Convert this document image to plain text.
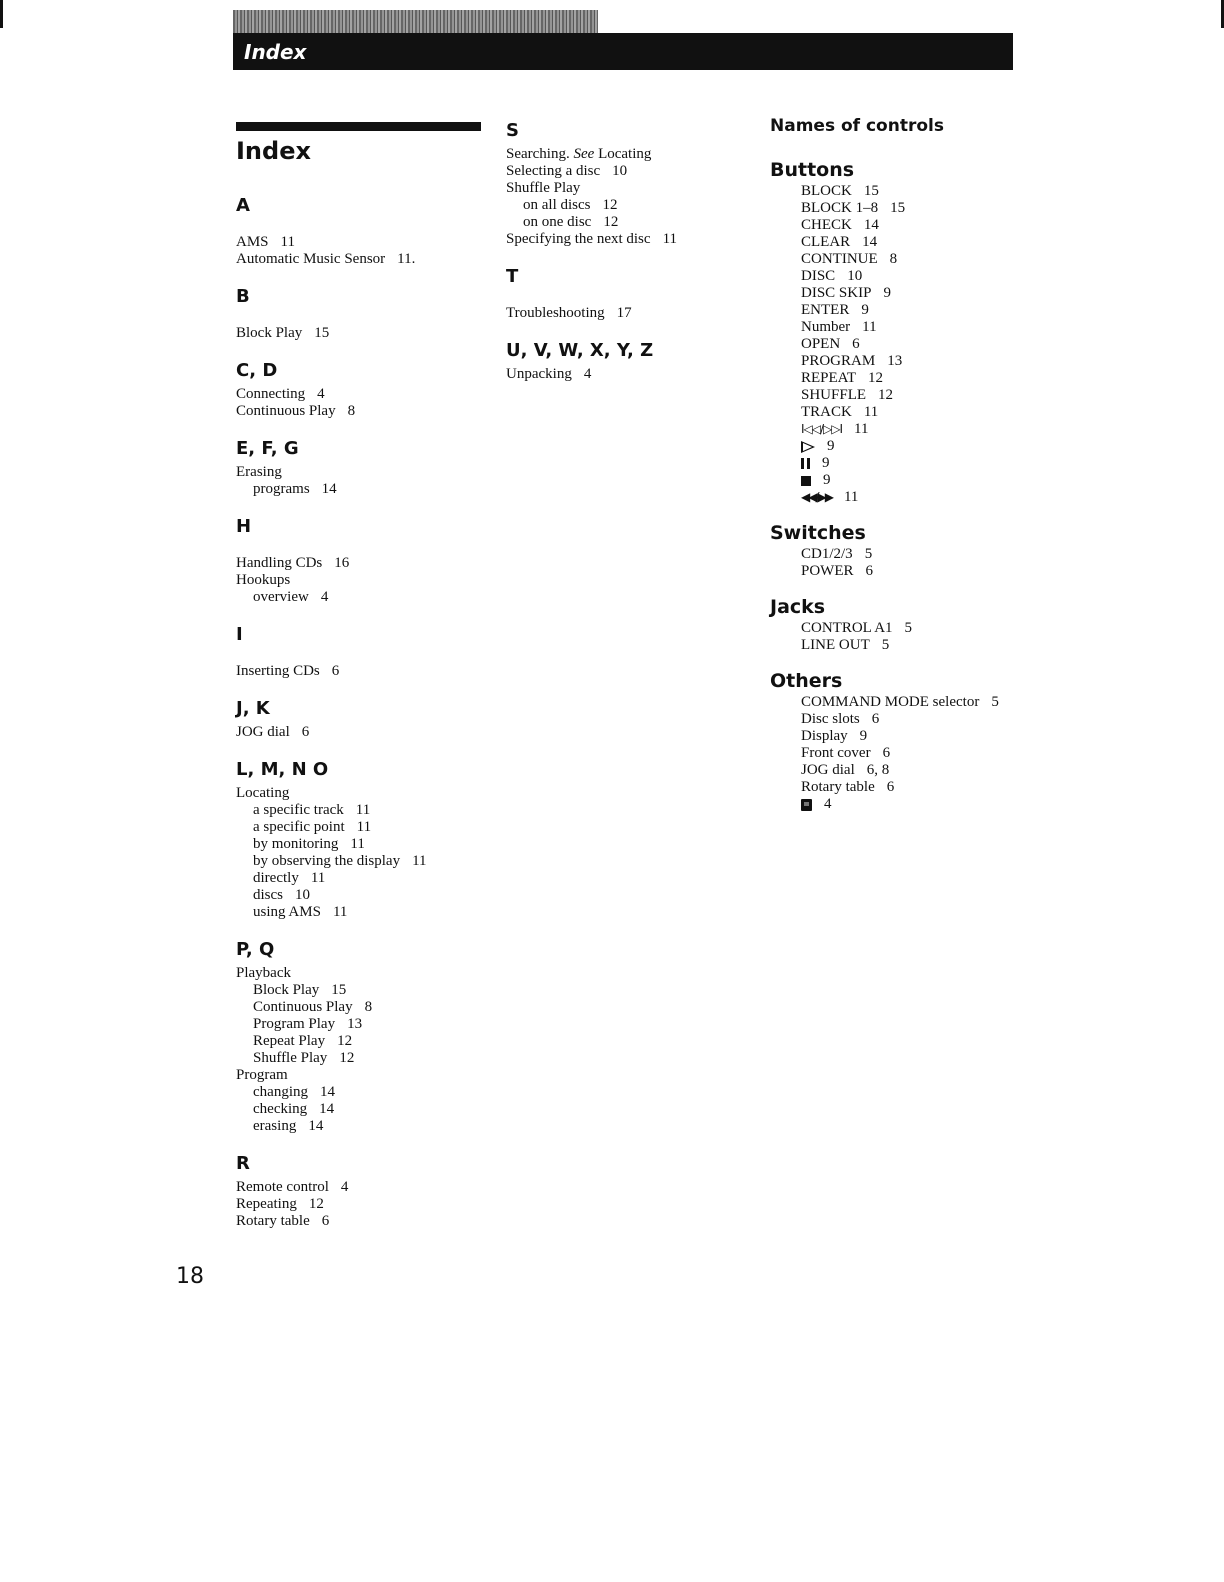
Index
Index
A
AMS 11
Automatic Music Sensor 11.
B
Block Play 15
C, D
Connecting 4
Continuous Play 8
E, F, G
Erasing
programs 14
H
Handling CDs 16
Hookups
overview 4
I
Inserting CDs 6
J, K
JOG dial 6
L, M, N O
Locating
a specific track 11
a specific point 11
by monitoring 11
by observing the display 11
directly 11
discs 10
using AMS 11
P, Q
Playback
Block Play 15
Continuous Play 8
Program Play 13
Repeat Play 12
Shuffle Play 12
Program
changing 14
checking 14
erasing 14
R
Remote control 4
Repeating 12
Rotary table 6
S
Searching. See Locating
Selecting a disc 10
Shuffle Play
on all discs 12
on one disc 12
Specifying the next disc 11
T
Troubleshooting 17
U, V, W, X, Y, Z
Unpacking 4
Names of controls
Buttons
BLOCK 15
BLOCK 1–8 15
CHECK 14
CLEAR 14
CONTINUE 8
DISC 10
DISC SKIP 9
ENTER 9
Number 11
OPEN 6
PROGRAM 13
REPEAT 12
SHUFFLE 12
TRACK 11
I◁◁/▷▷I 11
9
9
9
◀◀/▶▶ 11
Switches
CD1/2/3 5
POWER 6
Jacks
CONTROL A1 5
LINE OUT 5
Others
COMMAND MODE selector 5
Disc slots 6
Display 9
Front cover 6
JOG dial 6, 8
Rotary table 6
4
18
